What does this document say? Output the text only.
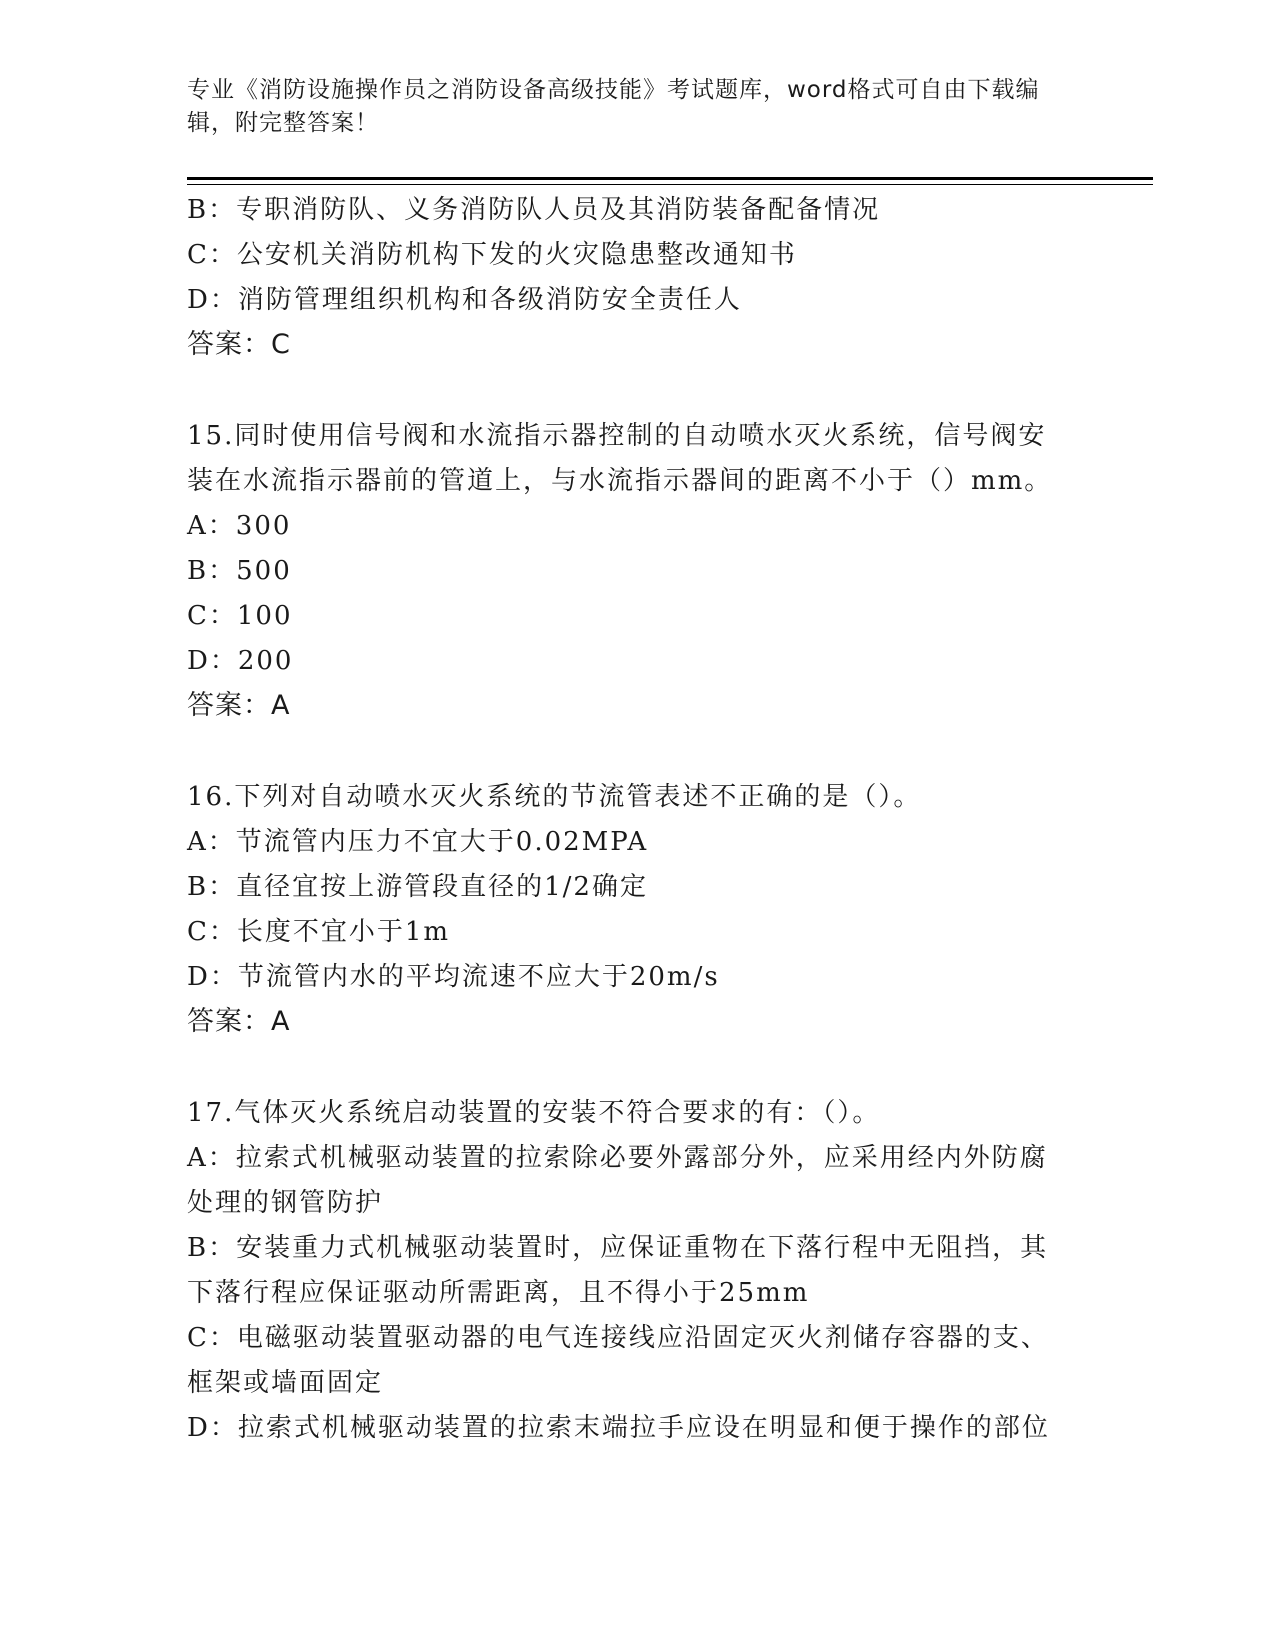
专业《消防设施操作员之消防设备高级技能》考试题库，word格式可自由下载编
辑，附完整答案！
B：专职消防队、义务消防队人员及其消防装备配备情况
C：公安机关消防机构下发的火灾隐患整改通知书
D：消防管理组织机构和各级消防安全责任人
答案：C
15.同时使用信号阀和水流指示器控制的自动喷水灭火系统，信号阀安
装在水流指示器前的管道上，与水流指示器间的距离不小于（）mm。
A：300
B：500
C：100
D：200
答案：A
16.下列对自动喷水灭火系统的节流管表述不正确的是（）。
A：节流管内压力不宜大于0.02MPA
B：直径宜按上游管段直径的1/2确定
C：长度不宜小于1m
D：节流管内水的平均流速不应大于20m/s
答案：A
17.气体灭火系统启动装置的安装不符合要求的有：（）。
A：拉索式机械驱动装置的拉索除必要外露部分外，应采用经内外防腐
处理的钢管防护
B：安装重力式机械驱动装置时，应保证重物在下落行程中无阻挡，其
下落行程应保证驱动所需距离，且不得小于25mm
C：电磁驱动装置驱动器的电气连接线应沿固定灭火剂储存容器的支、
框架或墙面固定
D：拉索式机械驱动装置的拉索末端拉手应设在明显和便于操作的部位
